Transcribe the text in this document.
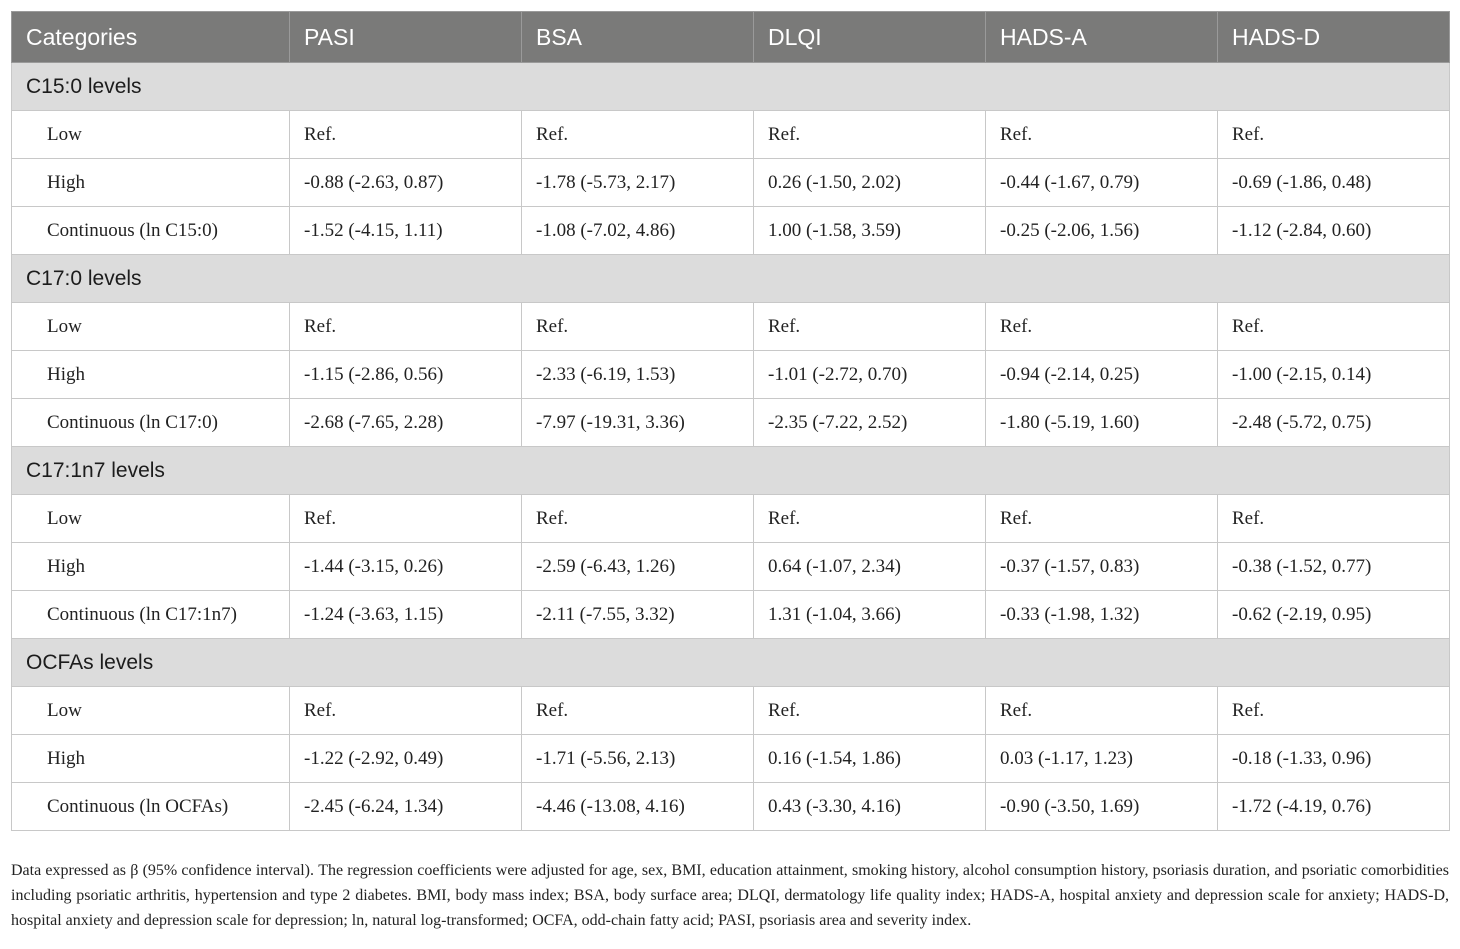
Categories	PASI	BSA	DLQI	HADS-A	HADS-D
C15:0 levels					
Low	Ref.	Ref.	Ref.	Ref.	Ref.
High	-0.88 (-2.63, 0.87)	-1.78 (-5.73, 2.17)	0.26 (-1.50, 2.02)	-0.44 (-1.67, 0.79)	-0.69 (-1.86, 0.48)
Continuous (ln C15:0)	-1.52 (-4.15, 1.11)	-1.08 (-7.02, 4.86)	1.00 (-1.58, 3.59)	-0.25 (-2.06, 1.56)	-1.12 (-2.84, 0.60)
C17:0 levels					
Low	Ref.	Ref.	Ref.	Ref.	Ref.
High	-1.15 (-2.86, 0.56)	-2.33 (-6.19, 1.53)	-1.01 (-2.72, 0.70)	-0.94 (-2.14, 0.25)	-1.00 (-2.15, 0.14)
Continuous (ln C17:0)	-2.68 (-7.65, 2.28)	-7.97 (-19.31, 3.36)	-2.35 (-7.22, 2.52)	-1.80 (-5.19, 1.60)	-2.48 (-5.72, 0.75)
C17:1n7 levels					
Low	Ref.	Ref.	Ref.	Ref.	Ref.
High	-1.44 (-3.15, 0.26)	-2.59 (-6.43, 1.26)	0.64 (-1.07, 2.34)	-0.37 (-1.57, 0.83)	-0.38 (-1.52, 0.77)
Continuous (ln C17:1n7)	-1.24 (-3.63, 1.15)	-2.11 (-7.55, 3.32)	1.31 (-1.04, 3.66)	-0.33 (-1.98, 1.32)	-0.62 (-2.19, 0.95)
OCFAs levels					
Low	Ref.	Ref.	Ref.	Ref.	Ref.
High	-1.22 (-2.92, 0.49)	-1.71 (-5.56, 2.13)	0.16 (-1.54, 1.86)	0.03 (-1.17, 1.23)	-0.18 (-1.33, 0.96)
Continuous (ln OCFAs)	-2.45 (-6.24, 1.34)	-4.46 (-13.08, 4.16)	0.43 (-3.30, 4.16)	-0.90 (-3.50, 1.69)	-1.72 (-4.19, 0.76)

Data expressed as β (95% confidence interval). The regression coefficients were adjusted for age, sex, BMI, education attainment, smoking history, alcohol consumption history, psoriasis duration, and psoriatic comorbidities including psoriatic arthritis, hypertension and type 2 diabetes. BMI, body mass index; BSA, body surface area; DLQI, dermatology life quality index; HADS-A, hospital anxiety and depression scale for anxiety; HADS-D, hospital anxiety and depression scale for depression; ln, natural log-transformed; OCFA, odd-chain fatty acid; PASI, psoriasis area and severity index.
